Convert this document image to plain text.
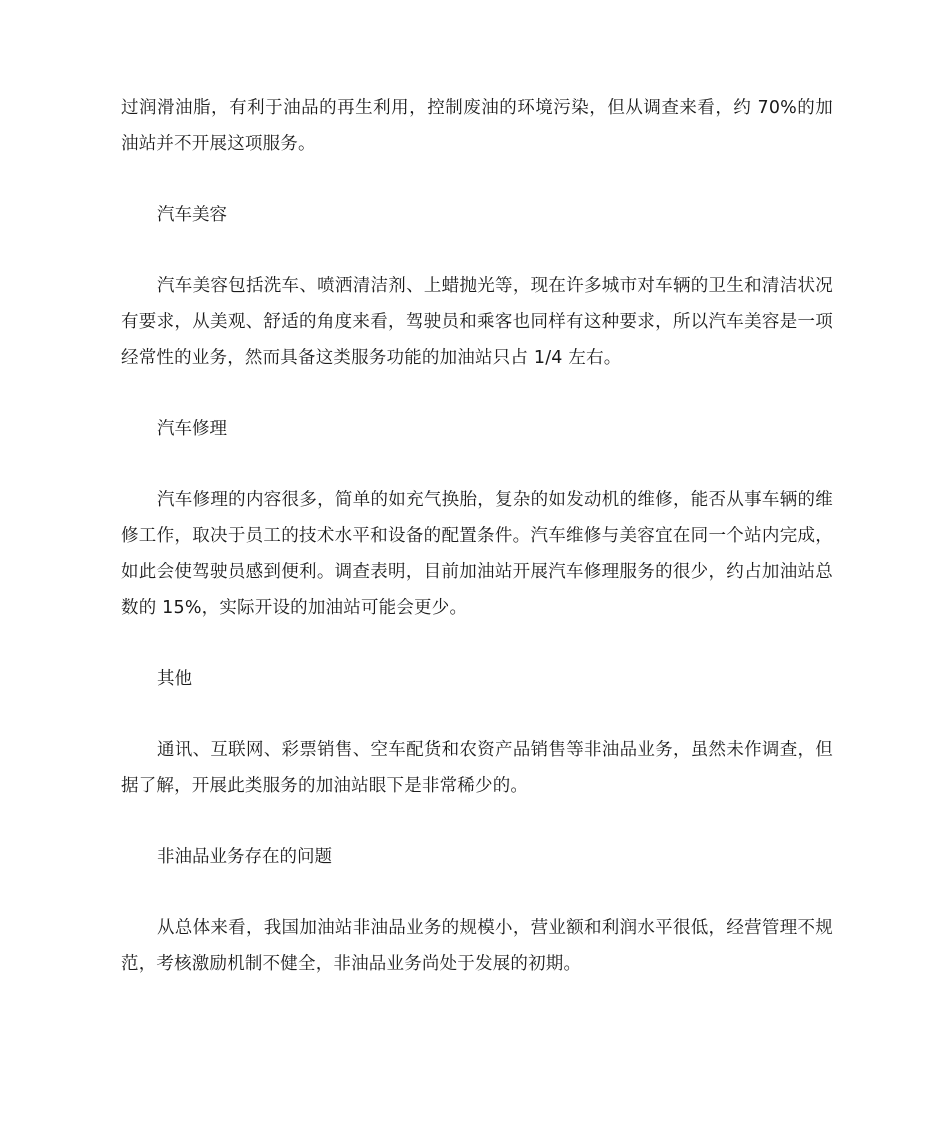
过润滑油脂，有利于油品的再生利用，控制废油的环境污染，但从调查来看，约 70%的加油站并不开展这项服务。

汽车美容

汽车美容包括洗车、喷洒清洁剂、上蜡抛光等，现在许多城市对车辆的卫生和清洁状况有要求，从美观、舒适的角度来看，驾驶员和乘客也同样有这种要求，所以汽车美容是一项经常性的业务，然而具备这类服务功能的加油站只占 1/4 左右。

汽车修理

汽车修理的内容很多，简单的如充气换胎，复杂的如发动机的维修，能否从事车辆的维修工作，取决于员工的技术水平和设备的配置条件。汽车维修与美容宜在同一个站内完成，如此会使驾驶员感到便利。调查表明，目前加油站开展汽车修理服务的很少，约占加油站总数的 15%，实际开设的加油站可能会更少。

其他

通讯、互联网、彩票销售、空车配货和农资产品销售等非油品业务，虽然未作调查，但据了解，开展此类服务的加油站眼下是非常稀少的。

非油品业务存在的问题

从总体来看，我国加油站非油品业务的规模小，营业额和利润水平很低，经营管理不规范，考核激励机制不健全，非油品业务尚处于发展的初期。
